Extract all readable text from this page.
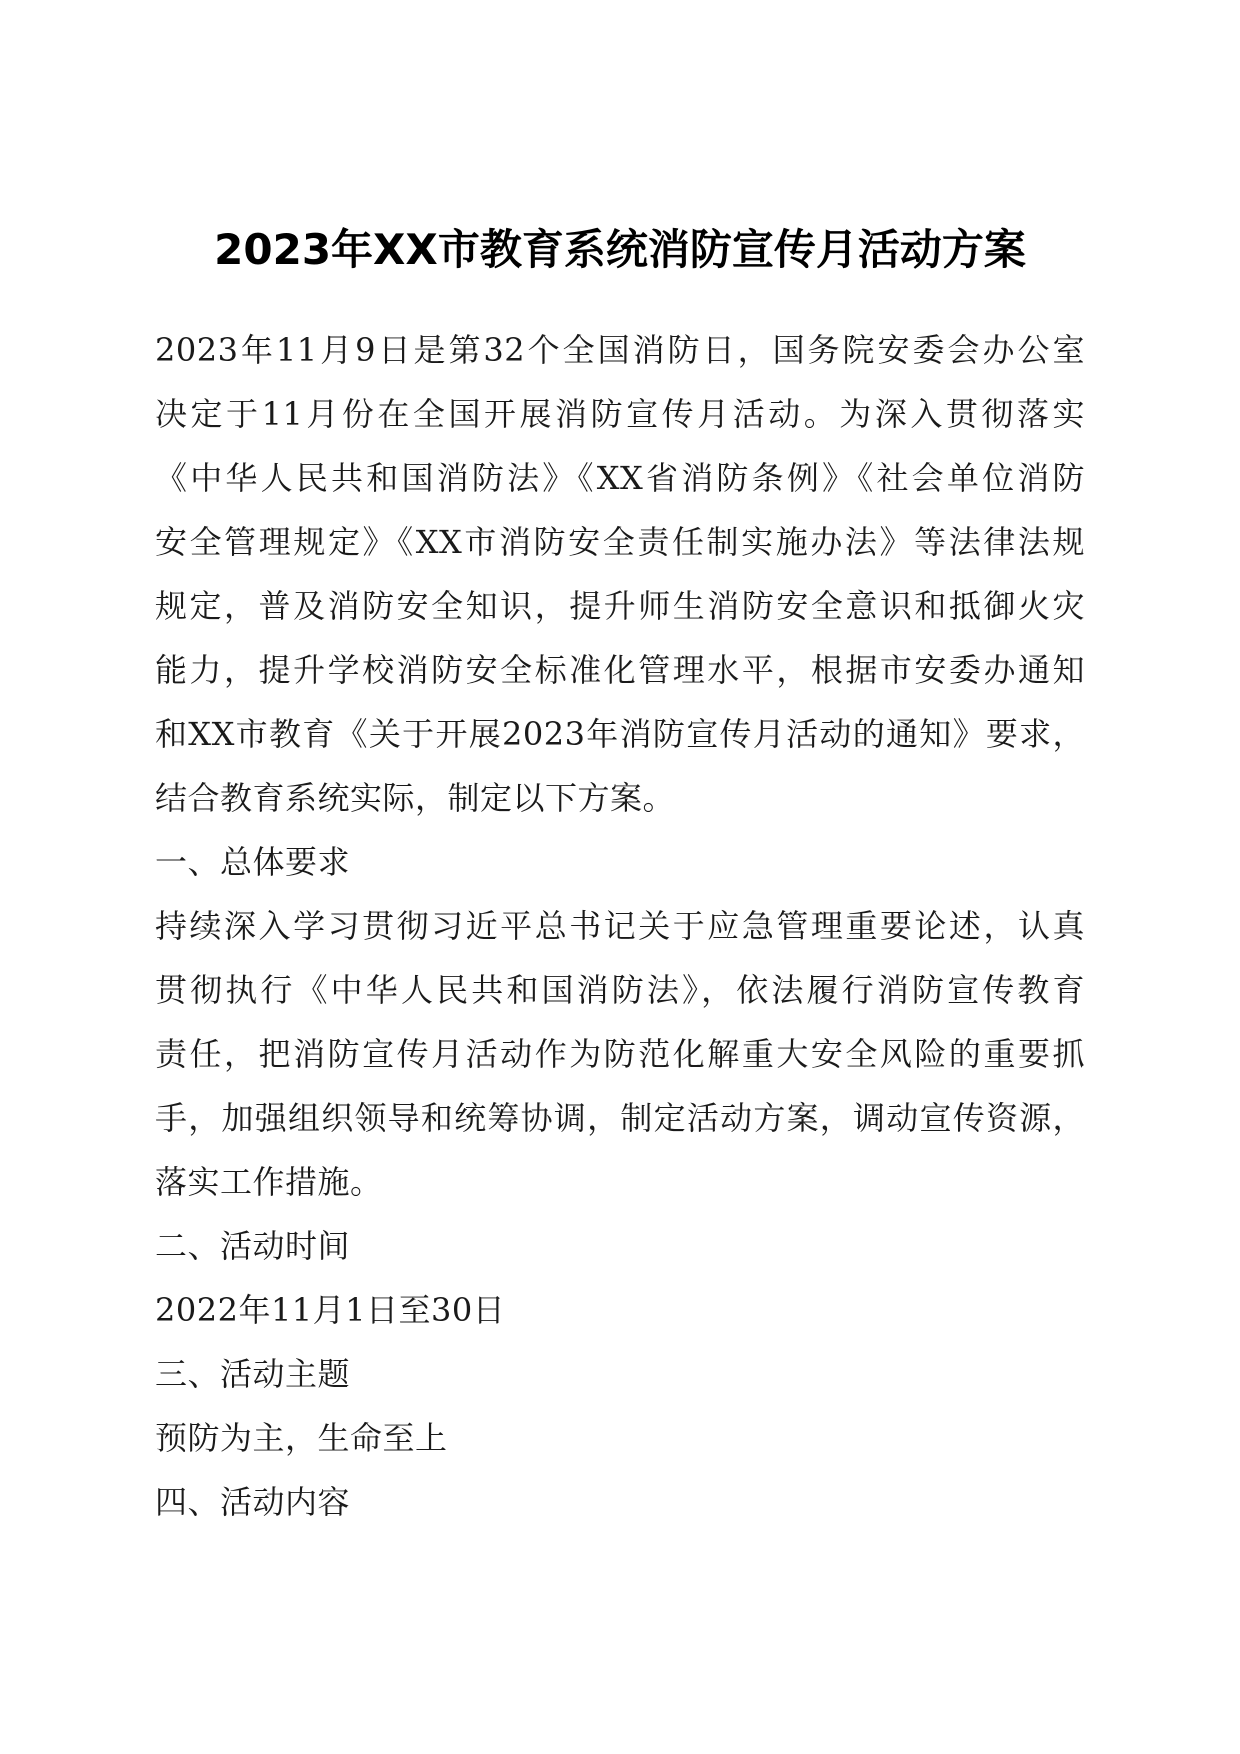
2023年XX市教育系统消防宣传月活动方案
2023年11月9日是第32个全国消防日，国务院安委会办公室
决定于11月份在全国开展消防宣传月活动。为深入贯彻落实
《中华人民共和国消防法》《XX省消防条例》《社会单位消防
安全管理规定》《XX市消防安全责任制实施办法》等法律法规
规定，普及消防安全知识，提升师生消防安全意识和抵御火灾
能力，提升学校消防安全标准化管理水平，根据市安委办通知
和XX市教育《关于开展2023年消防宣传月活动的通知》要求，
结合教育系统实际，制定以下方案。
一、总体要求
持续深入学习贯彻习近平总书记关于应急管理重要论述，认真
贯彻执行《中华人民共和国消防法》，依法履行消防宣传教育
责任，把消防宣传月活动作为防范化解重大安全风险的重要抓
手，加强组织领导和统筹协调，制定活动方案，调动宣传资源，
落实工作措施。
二、活动时间
2022年11月1日至30日
三、活动主题
预防为主，生命至上
四、活动内容
